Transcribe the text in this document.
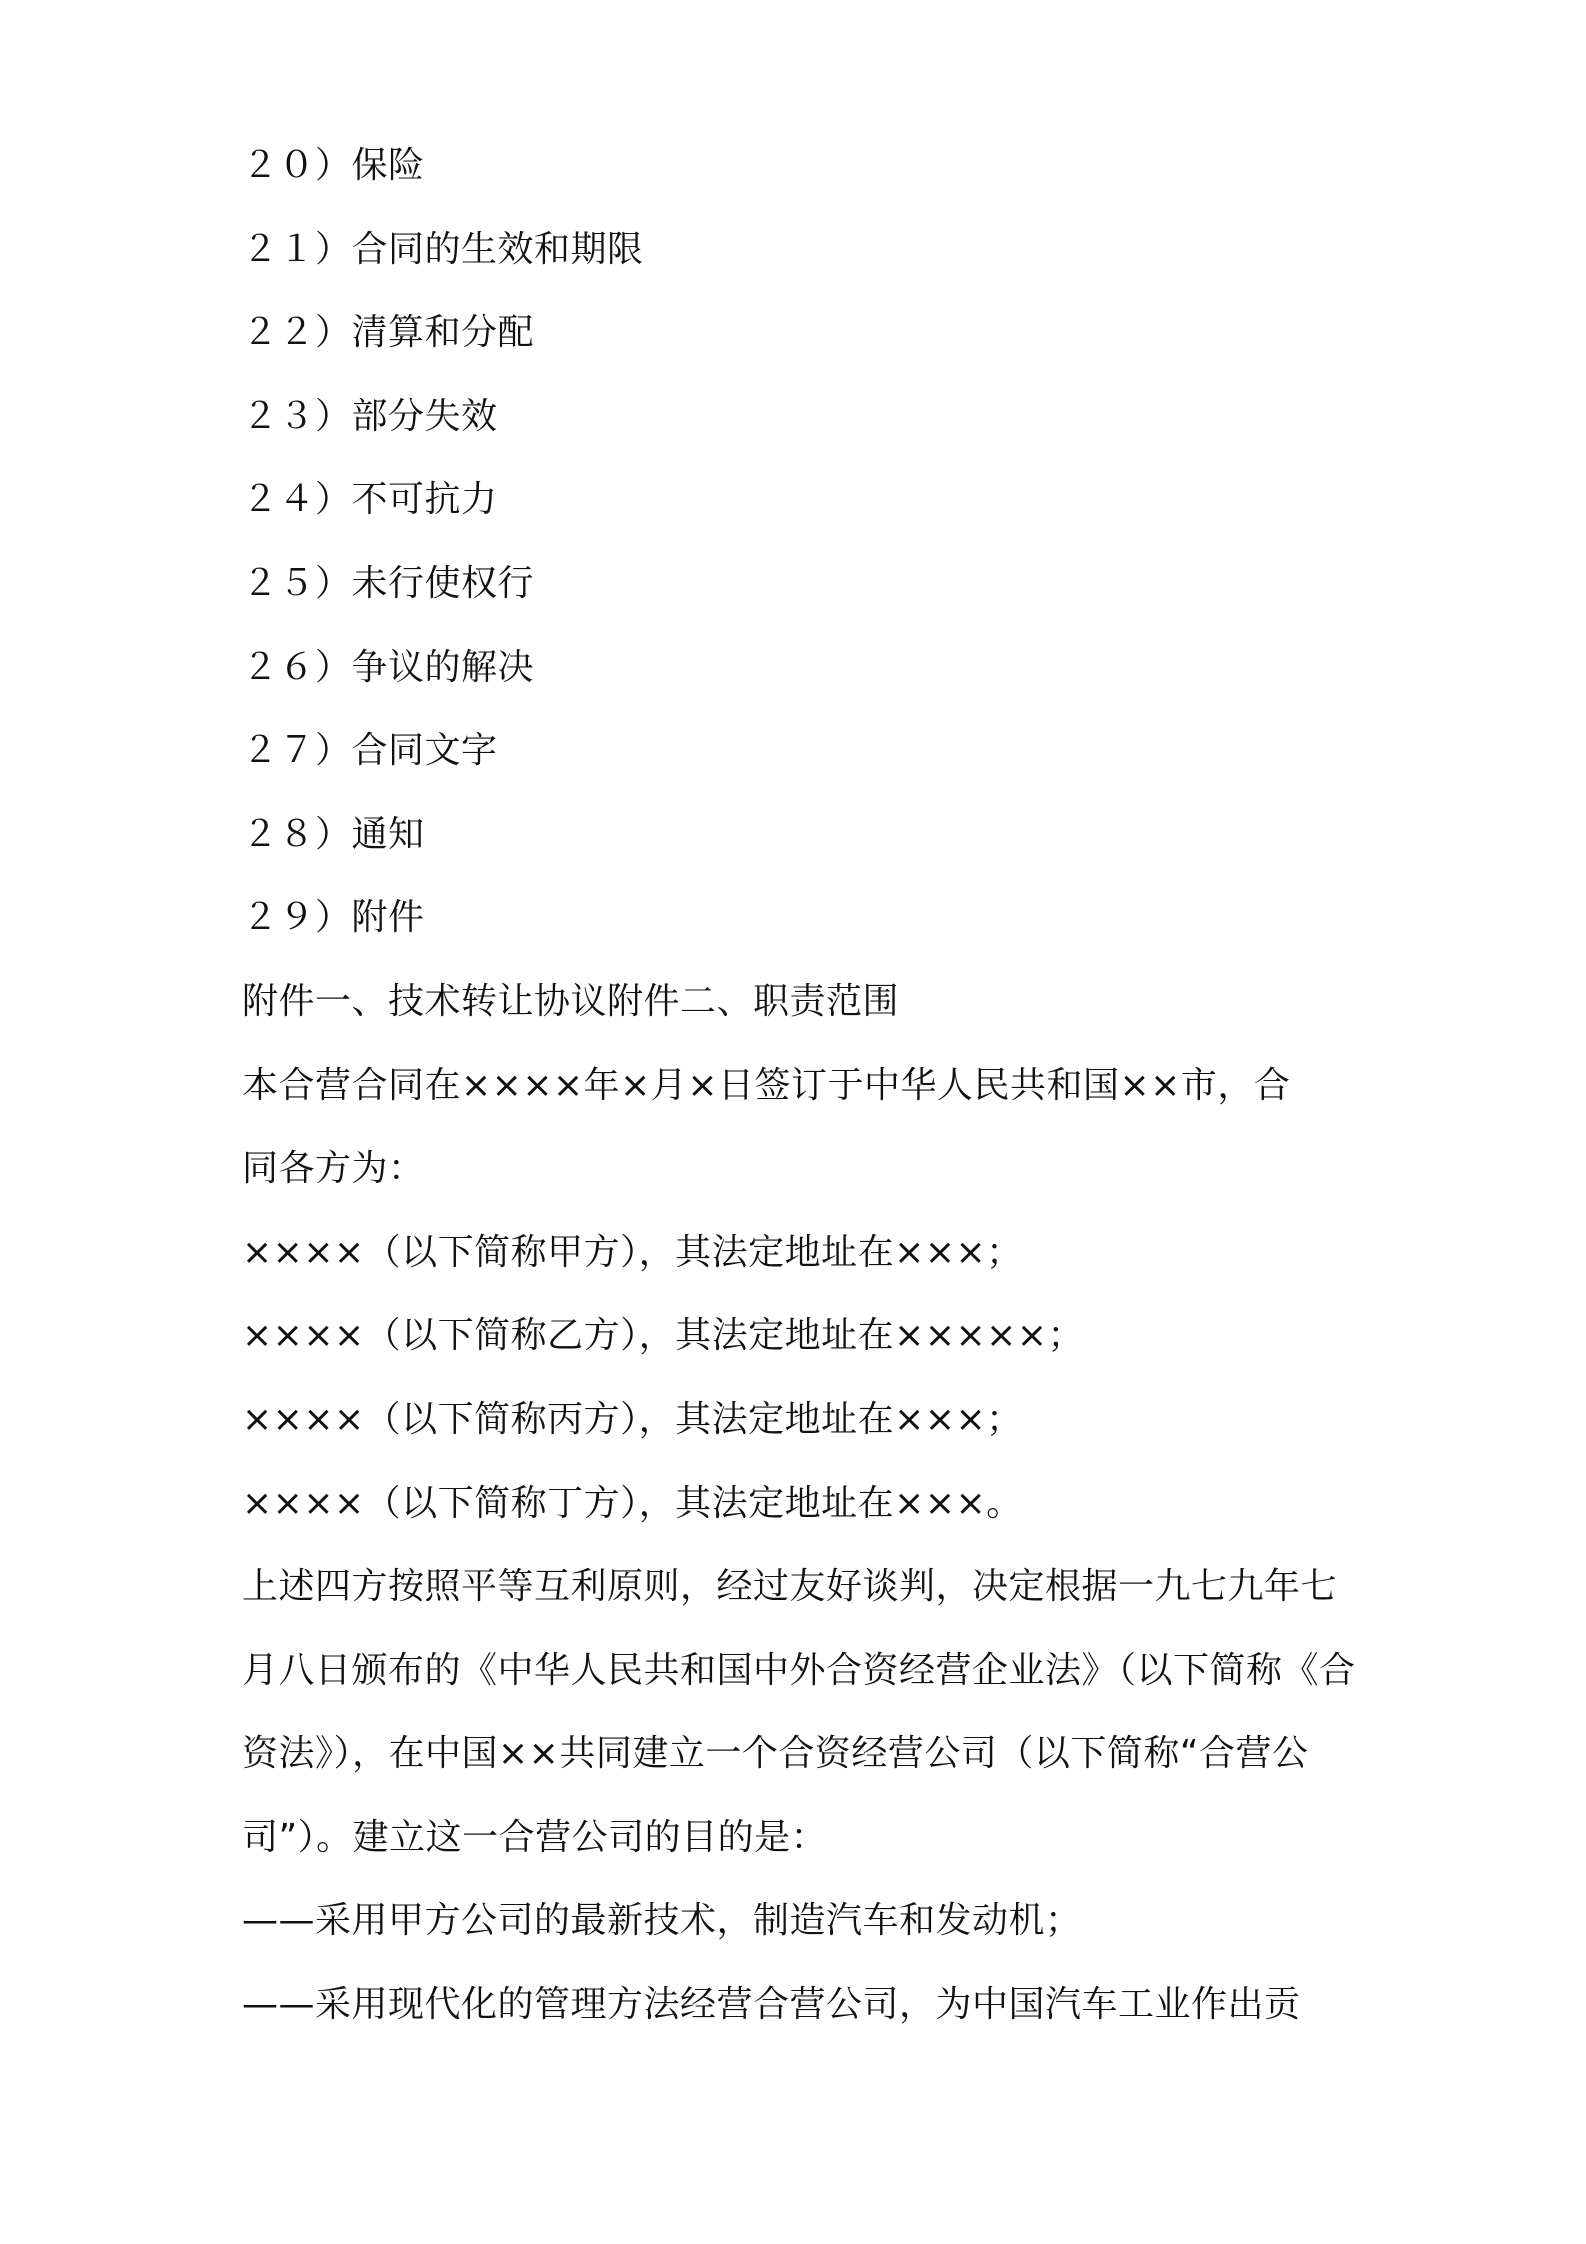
２０）保险
２１）合同的生效和期限
２２）清算和分配
２３）部分失效
２４）不可抗力
２５）未行使权行
２６）争议的解决
２７）合同文字
２８）通知
２９）附件
附件一、技术转让协议附件二、职责范围
本合营合同在××××年×月×日签订于中华人民共和国××市，合
同各方为：
××××（以下简称甲方），其法定地址在×××；
××××（以下简称乙方），其法定地址在×××××；
××××（以下简称丙方），其法定地址在×××；
××××（以下简称丁方），其法定地址在×××。
上述四方按照平等互利原则，经过友好谈判，决定根据一九七九年七
月八日颁布的《中华人民共和国中外合资经营企业法》（以下简称《合
资法》），在中国××共同建立一个合资经营公司（以下简称“合营公
司”）。建立这一合营公司的目的是：
——采用甲方公司的最新技术，制造汽车和发动机；
——采用现代化的管理方法经营合营公司，为中国汽车工业作出贡
